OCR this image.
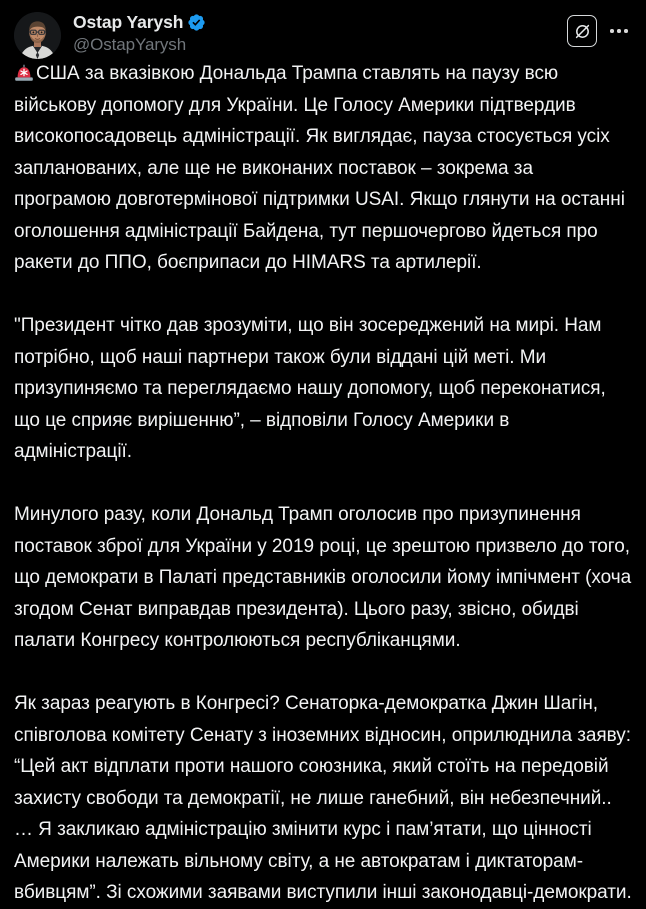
Ostap Yarysh
@OstapYarysh

США за вказівкою Дональда Трампа ставлять на паузу всю військову допомогу для України. Це Голосу Америки підтвердив високопосадовець адміністрації. Як виглядає, пауза стосується усіх запланованих, але ще не виконаних поставок – зокрема за програмою довготермінової підтримки USAI. Якщо глянути на останні оголошення адміністрації Байдена, тут першочергово йдеться про ракети до ППО, боєприпаси до HIMARS та артилерії.

"Президент чітко дав зрозуміти, що він зосереджений на мирі. Нам потрібно, щоб наші партнери також були віддані цій меті. Ми призупиняємо та переглядаємо нашу допомогу, щоб переконатися, що це сприяє вирішенню”, – відповіли Голосу Америки в адміністрації.

Минулого разу, коли Дональд Трамп оголосив про призупинення поставок зброї для України у 2019 році, це зрештою призвело до того, що демократи в Палаті представників оголосили йому імпічмент (хоча згодом Сенат виправдав президента). Цього разу, звісно, обидві палати Конгресу контролюються республіканцями.

Як зараз реагують в Конгресі? Сенаторка-демократка Джин Шагін, співголова комітету Сенату з іноземних відносин, оприлюднила заяву: “Цей акт відплати проти нашого союзника, який стоїть на передовій захисту свободи та демократії, не лише ганебний, він небезпечний.. … Я закликаю адміністрацію змінити курс і пам’ятати, що цінності Америки належать вільному світу, а не автократам і диктаторам-вбивцям”. Зі схожими заявами виступили інші законодавці-демократи.
